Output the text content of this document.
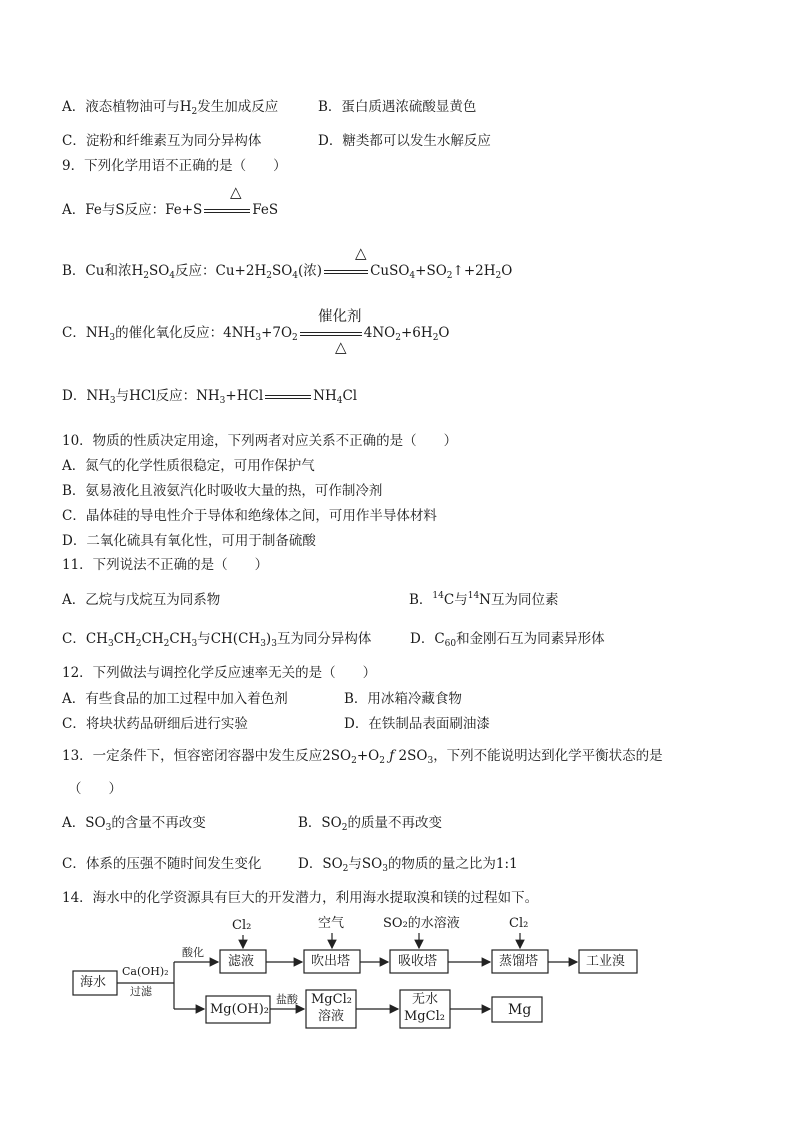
A．液态植物油可与$H_2$发生加成反应	B．蛋白质遇浓硫酸显黄色
C．淀粉和纤维素互为同分异构体	D．糖类都可以发生水解反应
9．下列化学用语不正确的是（　　）
A．Fe与S反应：Fe+S	FeS
△
B．Cu和浓$H_2SO_4$反应：$Cu+2H_2SO_4$(浓)	$CuSO_4+SO_2↑+2H_2O$
△
C．$NH_3$的催化氧化反应：$4NH_3+7O_2$	$4NO_2+6H_2O$
催化剂
△
D．$NH_3$与HCl反应：$NH_3+HCl$	$NH_4Cl$
10．物质的性质决定用途，下列两者对应关系不正确的是（　　）
A．氮气的化学性质很稳定，可用作保护气
B．氨易液化且液氨汽化时吸收大量的热，可作制冷剂
C．晶体硅的导电性介于导体和绝缘体之间，可用作半导体材料
D．二氧化硫具有氧化性，可用于制备硫酸
11．下列说法不正确的是（　　）
A．乙烷与戊烷互为同系物	B．$^{14}$C与$^{14}$N互为同位素
C．$CH_3CH_2CH_2CH_3$与$CH(CH_3)_3$互为同分异构体	D．$C_{60}$和金刚石互为同素异形体
12．下列做法与调控化学反应速率无关的是（　　）
A．有些食品的加工过程中加入着色剂	B．用冰箱冷藏食物
C．将块状药品研细后进行实验	D．在铁制品表面刷油漆
13．一定条件下，恒容密闭容器中发生反应$2SO_2+O_2$ ƒ $2SO_3$，下列不能说明达到化学平衡状态的是
（　　）
A．$SO_3$的含量不再改变	B．$SO_2$的质量不再改变
C．体系的压强不随时间发生变化	D．$SO_2$与$SO_3$的物质的量之比为1:1
14．海水中的化学资源具有巨大的开发潜力，利用海水提取溴和镁的过程如下。
海水
Ca(OH)₂
过滤
酸化
滤液
Cl₂	空气
吹出塔
SO₂的水溶液
吸收塔
Cl₂
蒸馏塔	工业溴
Mg(OH)₂
盐酸 MgCl₂
溶液
无水
MgCl₂	Mg
